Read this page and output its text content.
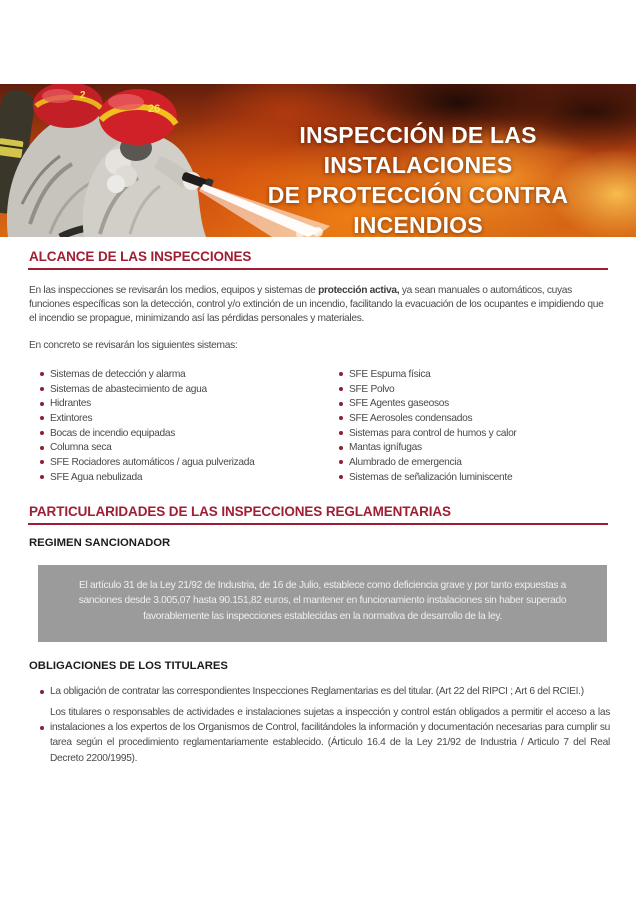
2
26
INSPECCIÓN DE LAS INSTALACIONES
DE PROTECCIÓN CONTRA INCENDIOS
ALCANCE DE LAS INSPECCIONES
En las inspecciones se revisarán los medios, equipos y sistemas de protección activa, ya sean manuales o automáticos, cuyas funciones específicas son la detección, control y/o extinción de un incendio, facilitando la evacuación de los ocupantes e impidiendo que el incendio se propague, minimizando así las pérdidas personales y materiales.
En concreto se revisarán los siguientes sistemas:
Sistemas de detección y alarma
Sistemas de abastecimiento de agua
Hidrantes
Extintores
Bocas de incendio equipadas
Columna seca
SFE Rociadores automáticos / agua pulverizada
SFE Agua nebulizada
SFE Espuma física
SFE Polvo
SFE Agentes gaseosos
SFE Aerosoles condensados
Sistemas para control de humos y calor
Mantas ignífugas
Alumbrado de emergencia
Sistemas de señalización luminiscente
PARTICULARIDADES DE LAS INSPECCIONES REGLAMENTARIAS
REGIMEN SANCIONADOR
El artículo 31 de la Ley 21/92 de Industria, de 16 de Julio, establece como deficiencia grave y por tanto expuestas a sanciones desde 3.005,07 hasta 90.151,82 euros, el mantener en funcionamiento instalaciones sin haber superado favorablemente las inspecciones establecidas en la normativa de desarrollo de la ley.
OBLIGACIONES DE LOS TITULARES
La obligación de contratar las correspondientes Inspecciones Reglamentarias es del titular. (Art 22 del RIPCI ; Art 6 del RCIEI.)
Los titulares o responsables de actividades e instalaciones sujetas a inspección y control están obligados a permitir el acceso a las instalaciones a los expertos de los Organismos de Control, facilitándoles la información y documentación necesarias para cumplir su tarea según el procedimiento reglamentariamente establecido. (Árticulo 16.4 de la Ley 21/92 de Industria / Articulo 7 del Real Decreto 2200/1995).
